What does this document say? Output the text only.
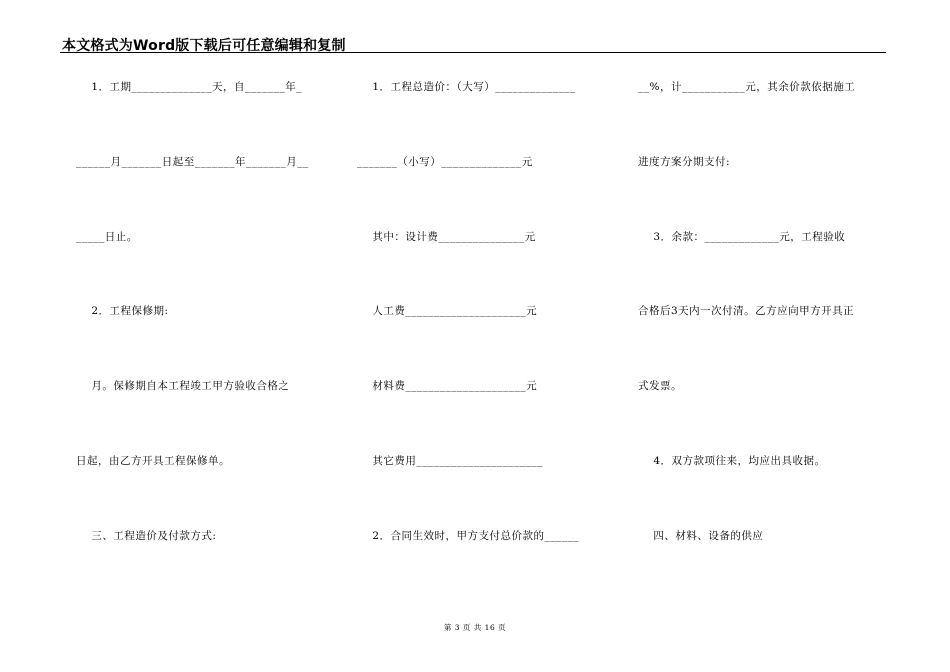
本文格式为Word版下载后可任意编辑和复制
1．工期______________天，自_______年_
______月_______日起至_______年_______月__
_____日止。
2．工程保修期:
月。保修期自本工程竣工甲方验收合格之
日起，由乙方开具工程保修单。
三、工程造价及付款方式:
1．工程总造价：（大写）______________
_______（小写）______________元
其中：设计费_______________元
人工费_____________________元
材料费_____________________元
其它费用______________________
2．合同生效时，甲方支付总价款的______
__%，计___________元，其余价款依据施工
进度方案分期支付:
3．余款：_____________元，工程验收
合格后3天内一次付清。乙方应向甲方开具正
式发票。
4．双方款项往来，均应出具收据。
四、材料、设备的供应
第 3 页 共 16 页
